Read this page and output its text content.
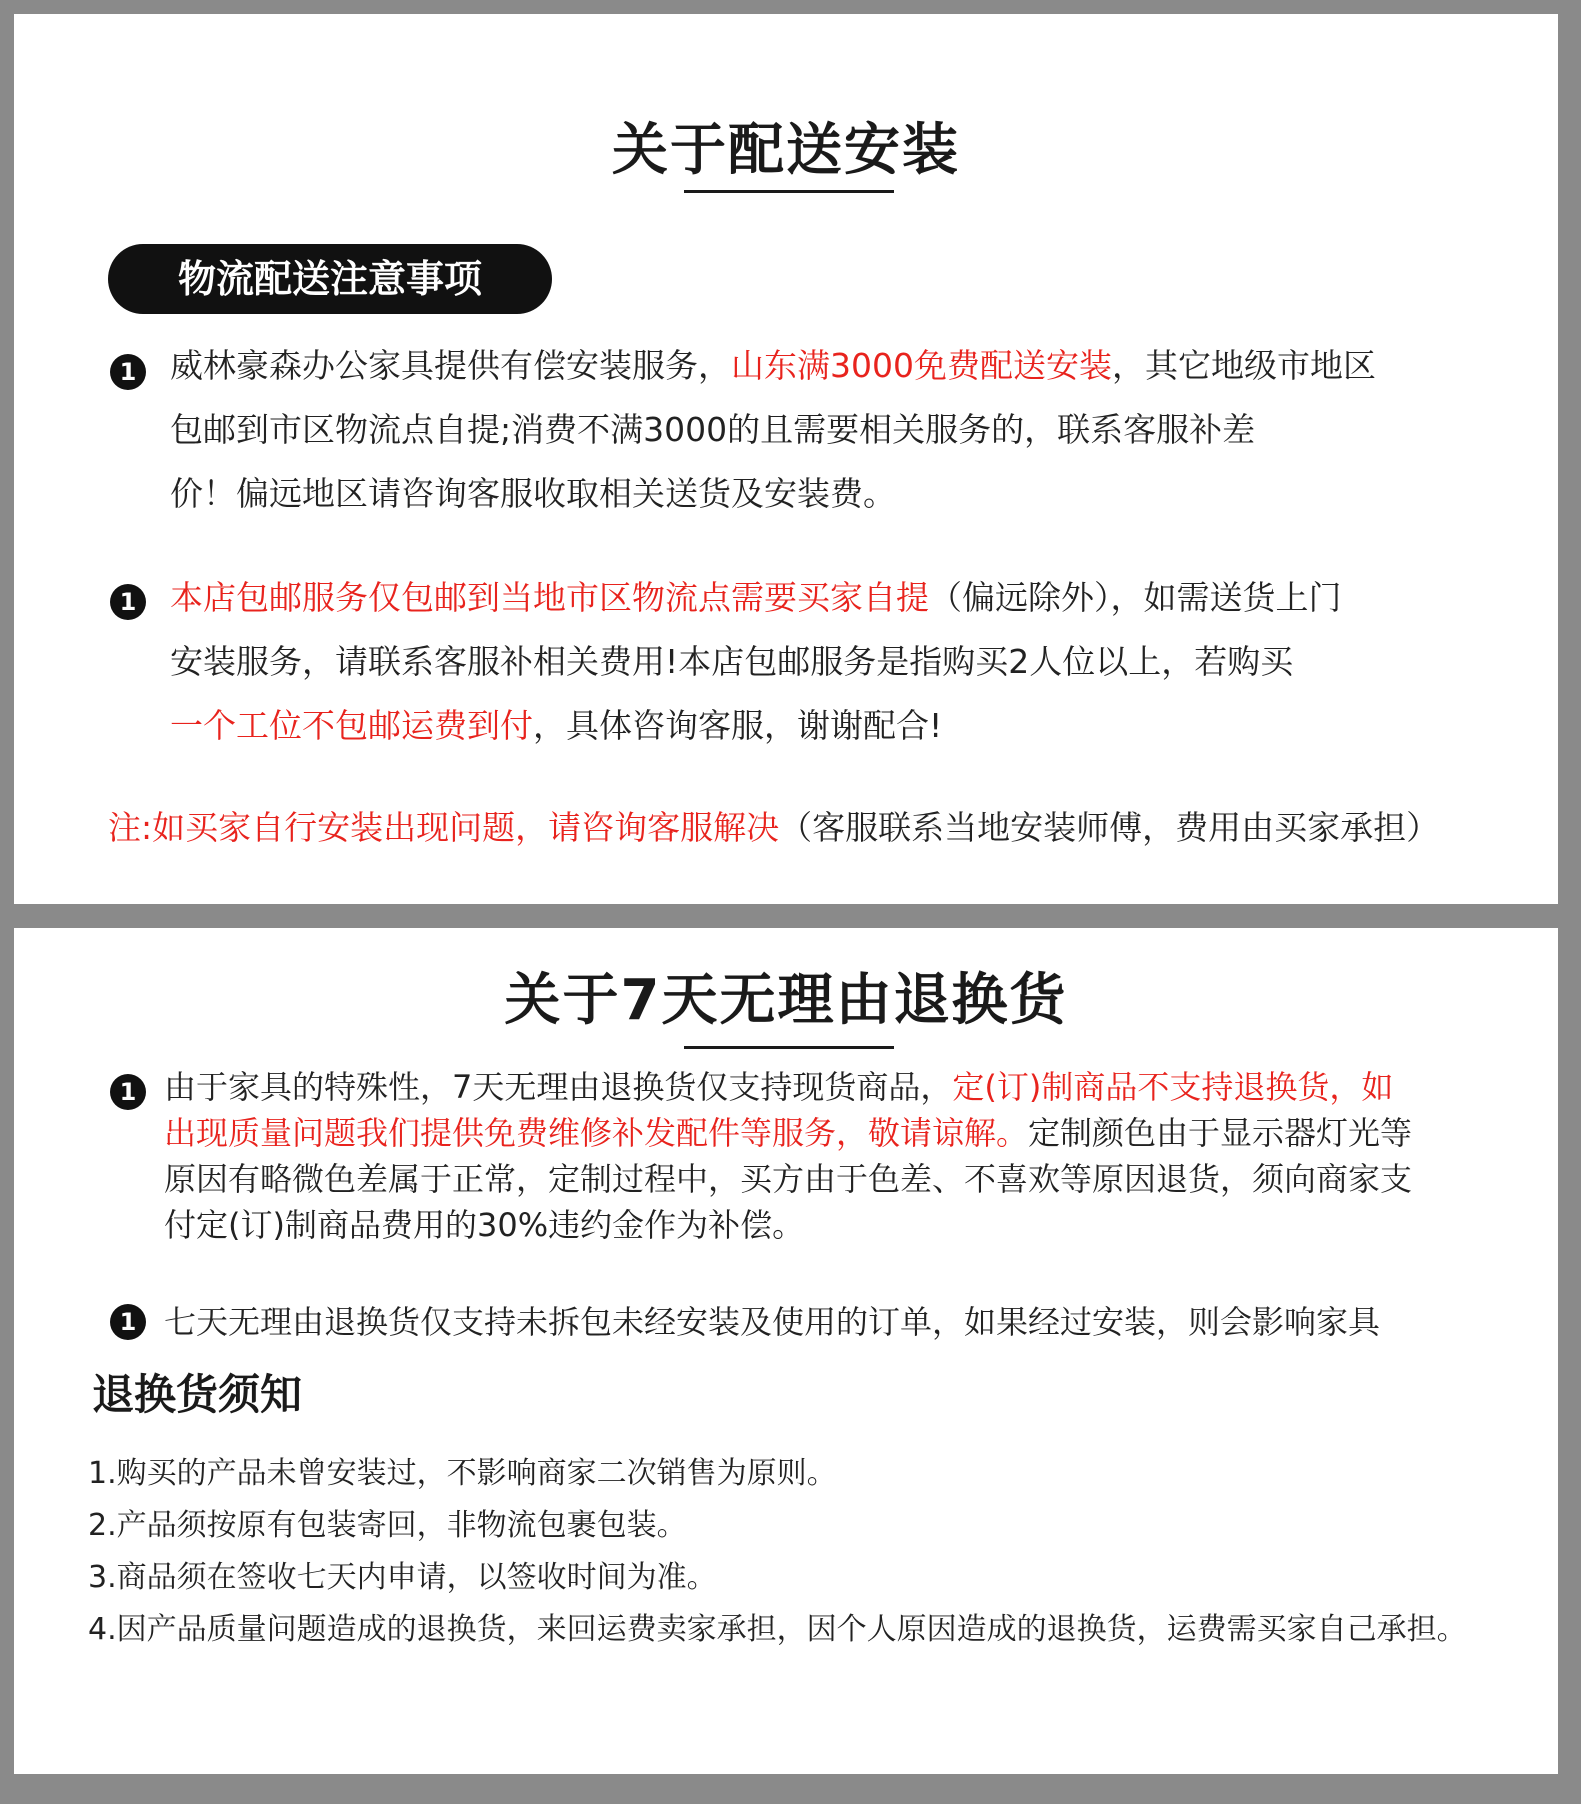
关于配送安装
物流配送注意事项
1 威林豪森办公家具提供有偿安装服务，山东满3000免费配送安装，其它地级市地区
包邮到市区物流点自提;消费不满3000的且需要相关服务的，联系客服补差
价！偏远地区请咨询客服收取相关送货及安装费。
1 本店包邮服务仅包邮到当地市区物流点需要买家自提（偏远除外），如需送货上门
安装服务，请联系客服补相关费用!本店包邮服务是指购买2人位以上，若购买
一个工位不包邮运费到付，具体咨询客服，谢谢配合!
注:如买家自行安装出现问题，请咨询客服解决（客服联系当地安装师傅，费用由买家承担）
关于7天无理由退换货
1 由于家具的特殊性，7天无理由退换货仅支持现货商品，定(订)制商品不支持退换货，如
出现质量问题我们提供免费维修补发配件等服务，敬请谅解。定制颜色由于显示器灯光等
原因有略微色差属于正常，定制过程中，买方由于色差、不喜欢等原因退货，须向商家支
付定(订)制商品费用的30%违约金作为补偿。
1 七天无理由退换货仅支持未拆包未经安装及使用的订单，如果经过安装，则会影响家具
退换货须知
1.购买的产品未曾安装过，不影响商家二次销售为原则。
2.产品须按原有包装寄回，非物流包裹包装。
3.商品须在签收七天内申请，以签收时间为准。
4.因产品质量问题造成的退换货，来回运费卖家承担，因个人原因造成的退换货，运费需买家自己承担。
